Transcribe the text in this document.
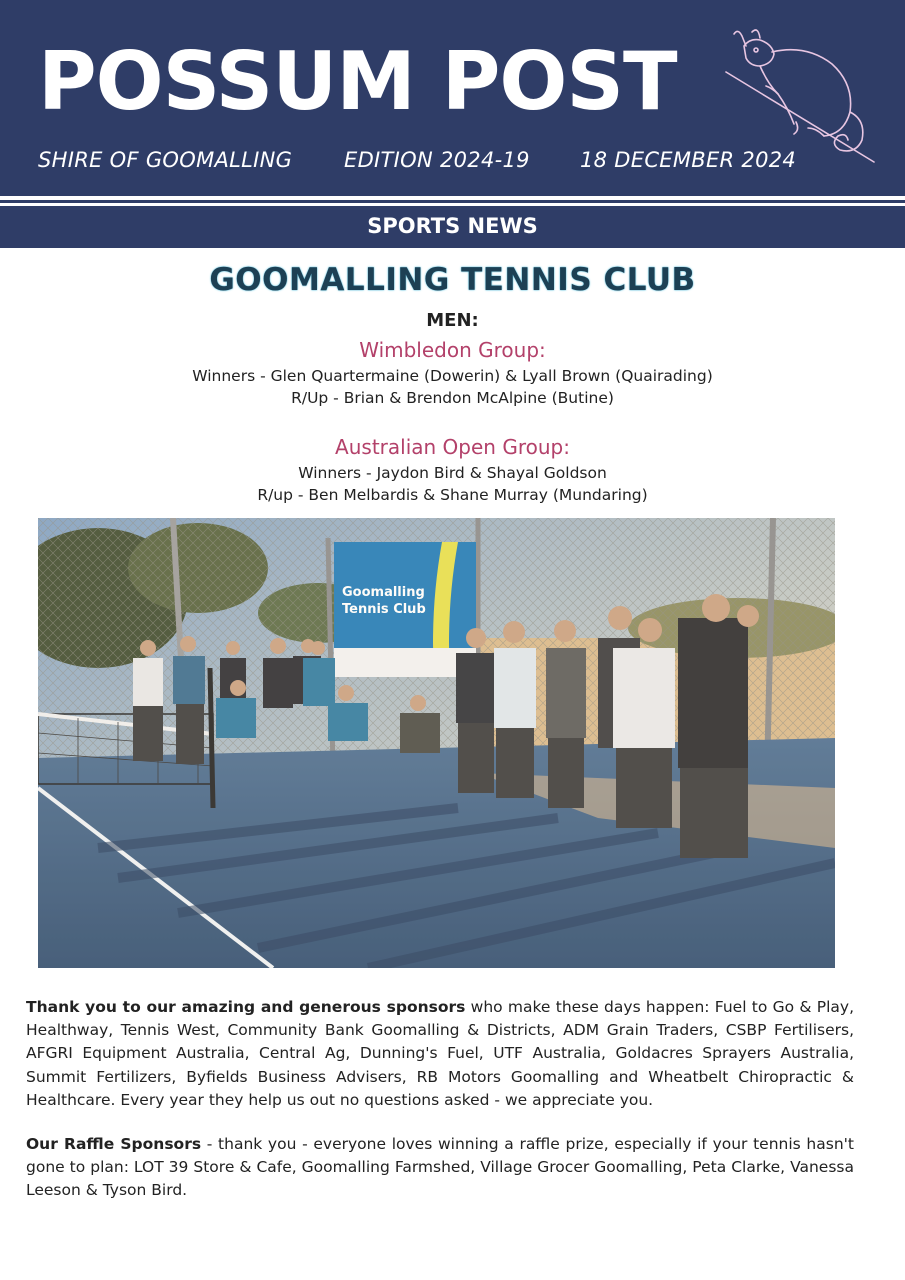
POSSUM POST
SHIRE OF GOOMALLING EDITION 2024-19 18 DECEMBER 2024
SPORTS NEWS
GOOMALLING TENNIS CLUB
MEN:
Wimbledon Group:
Winners - Glen Quartermaine (Dowerin) & Lyall Brown (Quairading)
R/Up - Brian & Brendon McAlpine (Butine)
Australian Open Group:
Winners - Jaydon Bird & Shayal Goldson
R/up - Ben Melbardis & Shane Murray (Mundaring)
Goomalling
Tennis Club
Thank you to our amazing and generous sponsors who make these days happen: Fuel to Go & Play, Healthway, Tennis West, Community Bank Goomalling & Districts, ADM Grain Traders, CSBP Fertilisers, AFGRI Equipment Australia, Central Ag, Dunning's Fuel, UTF Australia, Goldacres Sprayers Australia, Summit Fertilizers, Byfields Business Advisers, RB Motors Goomalling and Wheatbelt Chiropractic & Healthcare. Every year they help us out no questions asked - we appreciate you.
Our Raffle Sponsors - thank you - everyone loves winning a raffle prize, especially if your tennis hasn't gone to plan: LOT 39 Store & Cafe, Goomalling Farmshed, Village Grocer Goomalling, Peta Clarke, Vanessa Leeson & Tyson Bird.
